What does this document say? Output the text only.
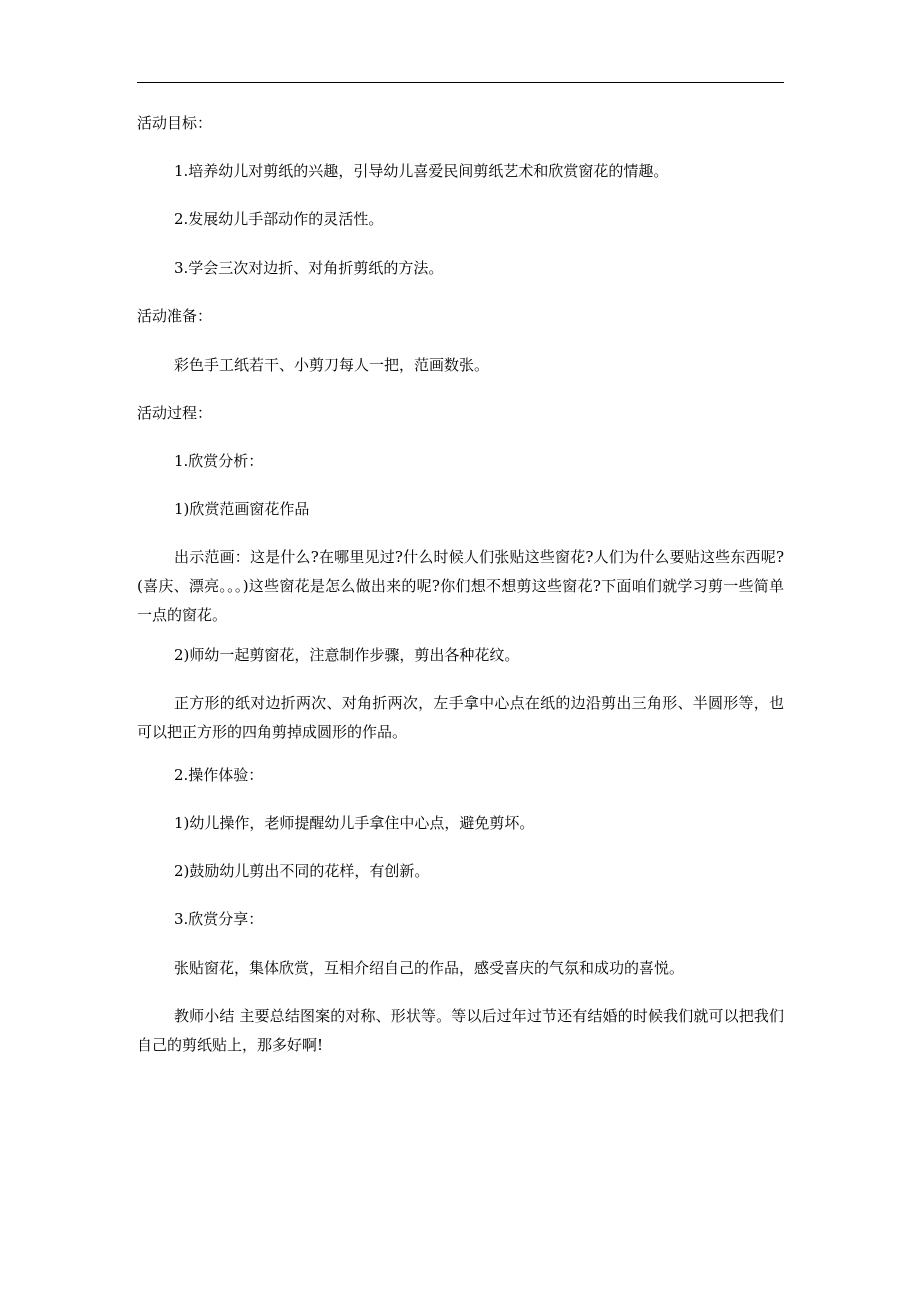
活动目标：

1.培养幼儿对剪纸的兴趣，引导幼儿喜爱民间剪纸艺术和欣赏窗花的情趣。

2.发展幼儿手部动作的灵活性。

3.学会三次对边折、对角折剪纸的方法。

活动准备：

彩色手工纸若干、小剪刀每人一把，范画数张。

活动过程：

1.欣赏分析：

1)欣赏范画窗花作品

出示范画：这是什么?在哪里见过?什么时候人们张贴这些窗花?人们为什么要贴这些东西呢?(喜庆、漂亮。。。)这些窗花是怎么做出来的呢?你们想不想剪这些窗花?下面咱们就学习剪一些简单一点的窗花。

2)师幼一起剪窗花，注意制作步骤，剪出各种花纹。

正方形的纸对边折两次、对角折两次，左手拿中心点在纸的边沿剪出三角形、半圆形等，也可以把正方形的四角剪掉成圆形的作品。

2.操作体验：

1)幼儿操作，老师提醒幼儿手拿住中心点，避免剪坏。

2)鼓励幼儿剪出不同的花样，有创新。

3.欣赏分享：

张贴窗花，集体欣赏，互相介绍自己的作品，感受喜庆的气氛和成功的喜悦。

教师小结 主要总结图案的对称、形状等。等以后过年过节还有结婚的时候我们就可以把我们自己的剪纸贴上，那多好啊!
